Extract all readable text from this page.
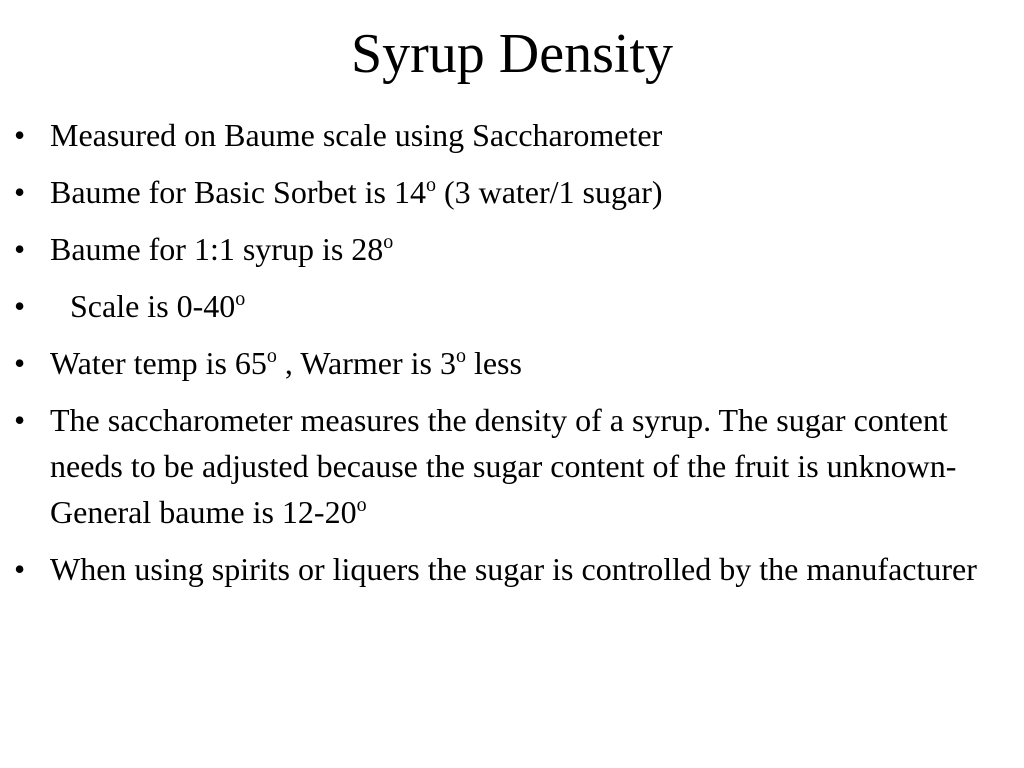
Syrup Density
• Measured on Baume scale using Saccharometer
• Baume for Basic Sorbet is 14$^o$ (3 water/1 sugar)
• Baume for 1:1 syrup is 28$^o$
• Scale is 0-40$^o$
• Water temp is 65$^o$ , Warmer is 3$^o$ less
• The saccharometer measures the density of a syrup. The sugar content needs to be adjusted because the sugar content of the fruit is unknown-General baume is 12-20$^o$
• When using spirits or liquers the sugar is controlled by the manufacturer
